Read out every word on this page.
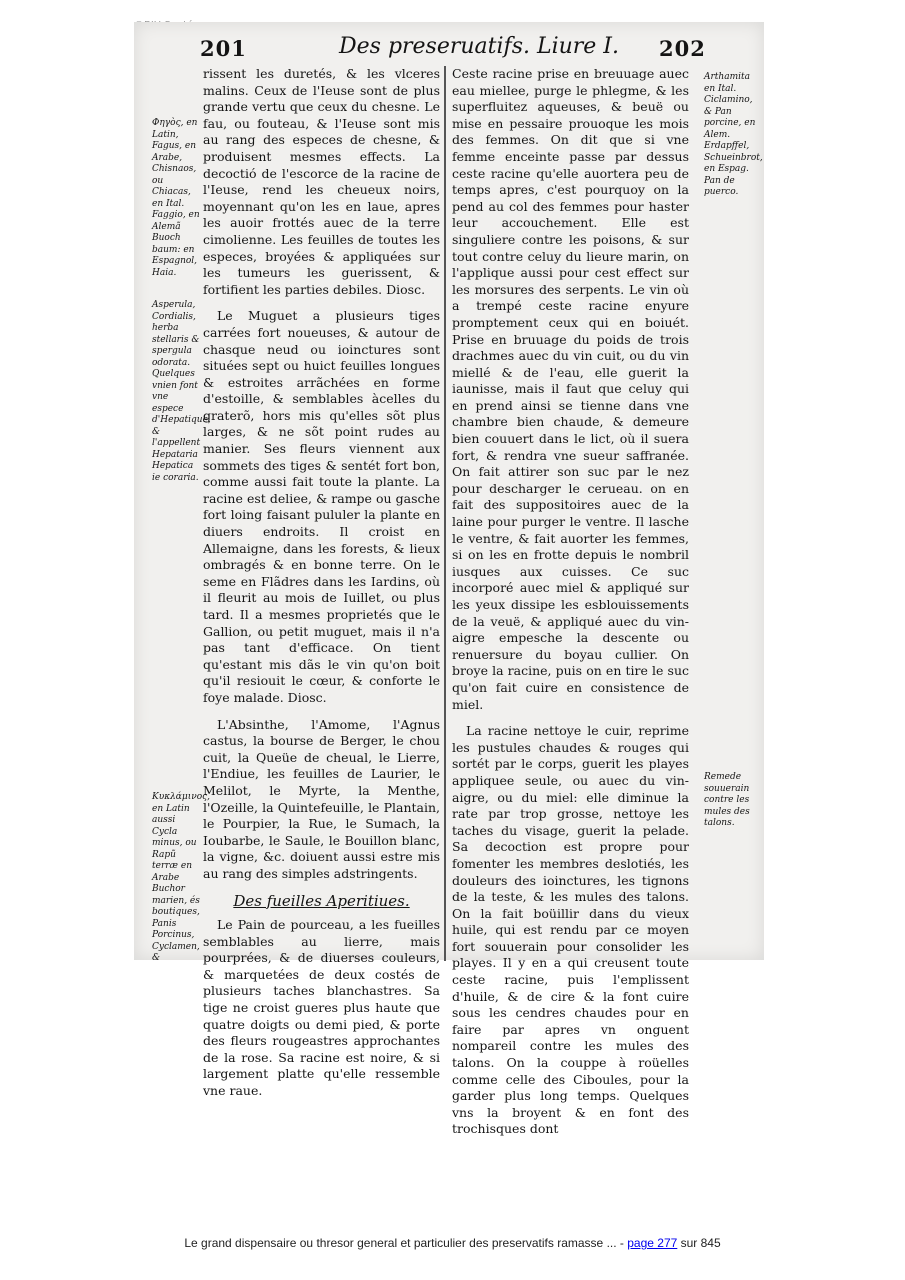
201	Des preseruatifs. Liure I. 202
Φηγὸς, en Latin, Fagus, en Arabe, Chisnaos, ou Chiacas, en Ital. Faggio, en Alemã Buoch baum: en Espagnol, Haia.
Asperula, Cordialis, herba stellaris & spergula odorata. Quelques vnien font vne espece d'Hepatique, & l'appellent Hepataria Hepatica ie coraria.
Κυκλάμινος, en Latin aussi Cycla minus, ou Rapũ terræ en Arabe Buchor marien, és boutiques, Panis Porcinus, Cyclamen, &

rissent les duretés, & les vlceres malins. Ceux de l'Ieuse sont de plus grande vertu que ceux du chesne. Le fau, ou fouteau, & l'Ieuse sont mis au rang des especes de chesne, & produisent mesmes effects. La decoctió de l'escorce de la racine de l'Ieuse, rend les cheueux noirs, moyennant qu'on les en laue, apres les auoir frottés auec de la terre cimolienne. Les feuilles de toutes les especes, broyées & appliquées sur les tumeurs les guerissent, & fortifient les parties debiles. Diosc.

Le Muguet a plusieurs tiges carrées fort noueuses, & autour de chasque neud ou ioinctures sont situées sept ou huict feuilles longues & estroites arrãchées en forme d'estoille, & semblables àcelles du graterõ, hors mis qu'elles sõt plus larges, & ne sõt point rudes au manier. Ses fleurs viennent aux sommets des tiges & sentét fort bon, comme aussi fait toute la plante. La racine est deliee, & rampe ou gasche fort loing faisant pululer la plante en diuers endroits. Il croist en Allemaigne, dans les forests, & lieux ombragés & en bonne terre. On le seme en Flãdres dans les Iardins, où il fleurit au mois de Iuillet, ou plus tard. Il a mesmes proprietés que le Gallion, ou petit muguet, mais il n'a pas tant d'efficace. On tient qu'estant mis dãs le vin qu'on boit qu'il resiouit le cœur, & conforte le foye malade. Diosc.

L'Absinthe, l'Amome, l'Agnus castus, la bourse de Berger, le chou cuit, la Queüe de cheual, le Lierre, l'Endiue, les feuilles de Laurier, le Melilot, le Myrte, la Menthe, l'Ozeille, la Quintefeuille, le Plantain, le Pourpier, la Rue, le Sumach, la Ioubarbe, le Saule, le Bouillon blanc, la vigne, &c. doiuent aussi estre mis au rang des simples adstringents.

Des fueilles Aperitiues.

Le Pain de pourceau, a les fueilles semblables au lierre, mais pourprées, & de diuerses couleurs, & marquetées de deux costés de plusieurs taches blanchastres. Sa tige ne croist gueres plus haute que quatre doigts ou demi pied, & porte des fleurs rougeastres approchantes de la rose. Sa racine est noire, & si largement platte qu'elle ressemble vne raue.

Ceste racine prise en breuuage auec eau miellee, purge le phlegme, & les superfluitez aqueuses, & beuë ou mise en pessaire prouoque les mois des femmes. On dit que si vne femme enceinte passe par dessus ceste racine qu'elle auortera peu de temps apres, c'est pourquoy on la pend au col des femmes pour haster leur accouchement. Elle est singuliere contre les poisons, & sur tout contre celuy du lieure marin, on l'applique aussi pour cest effect sur les morsures des serpents. Le vin où a trempé ceste racine enyure promptement ceux qui en boiuét. Prise en bruuage du poids de trois drachmes auec du vin cuit, ou du vin miellé & de l'eau, elle guerit la iaunisse, mais il faut que celuy qui en prend ainsi se tienne dans vne chambre bien chaude, & demeure bien couuert dans le lict, où il suera fort, & rendra vne sueur saffranée. On fait attirer son suc par le nez pour descharger le cerueau. on en fait des suppositoires auec de la laine pour purger le ventre. Il lasche le ventre, & fait auorter les femmes, si on les en frotte depuis le nombril iusques aux cuisses. Ce suc incorporé auec miel & appliqué sur les yeux dissipe les esblouissements de la veuë, & appliqué auec du vin-aigre empesche la descente ou renuersure du boyau cullier. On broye la racine, puis on en tire le suc qu'on fait cuire en consistence de miel.

La racine nettoye le cuir, reprime les pustules chaudes & rouges qui sortét par le corps, guerit les playes appliquee seule, ou auec du vin-aigre, ou du miel: elle diminue la rate par trop grosse, nettoye les taches du visage, guerit la pelade. Sa decoction est propre pour fomenter les membres deslotiés, les douleurs des ioinctures, les tignons de la teste, & les mules des talons. On la fait boüillir dans du vieux huile, qui est rendu par ce moyen fort souuerain pour consolider les playes. Il y en a qui creusent toute ceste racine, puis l'emplissent d'huile, & de cire & la font cuire sous les cendres chaudes pour en faire par apres vn onguent nompareil contre les mules des talons. On la couppe à roüelles comme celle des Ciboules, pour la garder plus long temps. Quelques vns la broyent & en font des trochisques dont

Arthamita en Ital. Ciclamino, & Pan porcine, en Alem. Erdapffel, Schueinbrot, en Espag. Pan de puerco.
Remede souuerain contre les mules des talons.
Le grand dispensaire ou thresor general et particulier des preservatifs ramasse ... - page 277 sur 845
